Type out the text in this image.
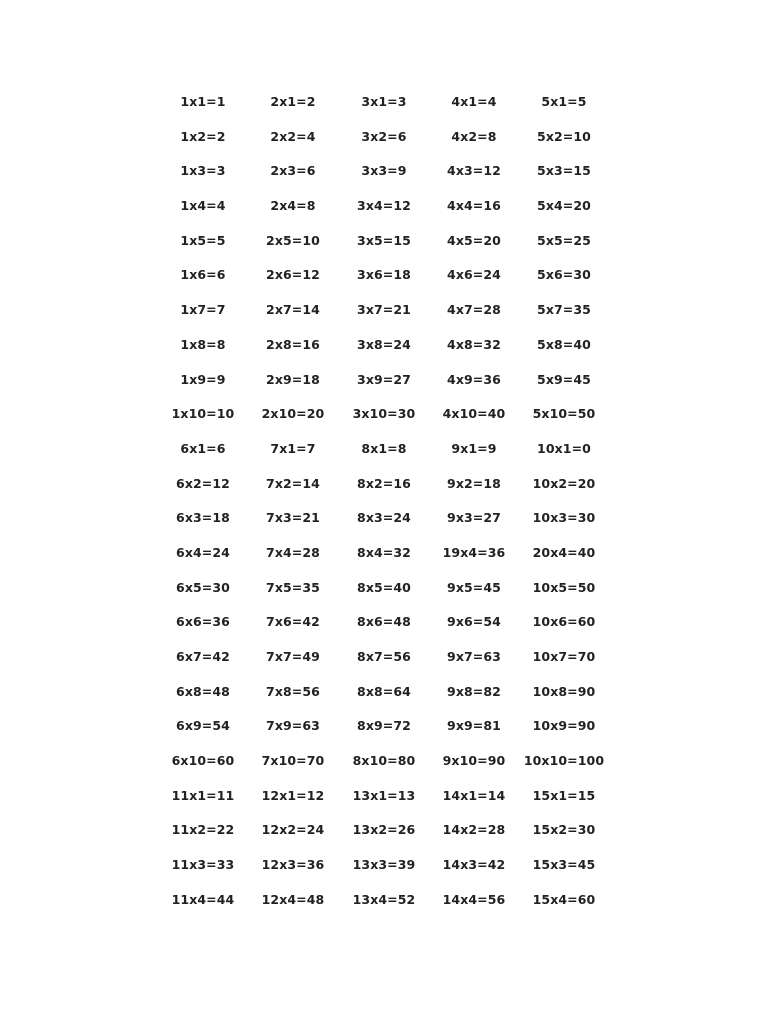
1x1=1	2x1=2	3x1=3	4x1=4	5x1=5
1x2=2	2x2=4	3x2=6	4x2=8	5x2=10
1x3=3	2x3=6	3x3=9	4x3=12	5x3=15
1x4=4	2x4=8	3x4=12	4x4=16	5x4=20
1x5=5	2x5=10	3x5=15	4x5=20	5x5=25
1x6=6	2x6=12	3x6=18	4x6=24	5x6=30
1x7=7	2x7=14	3x7=21	4x7=28	5x7=35
1x8=8	2x8=16	3x8=24	4x8=32	5x8=40
1x9=9	2x9=18	3x9=27	4x9=36	5x9=45
1x10=10 2x10=20 3x10=30 4x10=40 5x10=50
6x1=6	7x1=7	8x1=8	9x1=9	10x1=0
6x2=12	7x2=14	8x2=16	9x2=18	10x2=20
6x3=18	7x3=21	8x3=24	9x3=27	10x3=30
6x4=24	7x4=28	8x4=32	19x4=36 20x4=40
6x5=30	7x5=35	8x5=40	9x5=45	10x5=50
6x6=36	7x6=42	8x6=48	9x6=54	10x6=60
6x7=42	7x7=49	8x7=56	9x7=63	10x7=70
6x8=48	7x8=56	8x8=64	9x8=82	10x8=90
6x9=54	7x9=63	8x9=72	9x9=81	10x9=90
6x10=60 7x10=70 8x10=80 9x10=90 10x10=100
11x1=11 12x1=12 13x1=13 14x1=14 15x1=15
11x2=22 12x2=24 13x2=26 14x2=28 15x2=30
11x3=33 12x3=36 13x3=39 14x3=42 15x3=45
11x4=44 12x4=48 13x4=52 14x4=56 15x4=60
